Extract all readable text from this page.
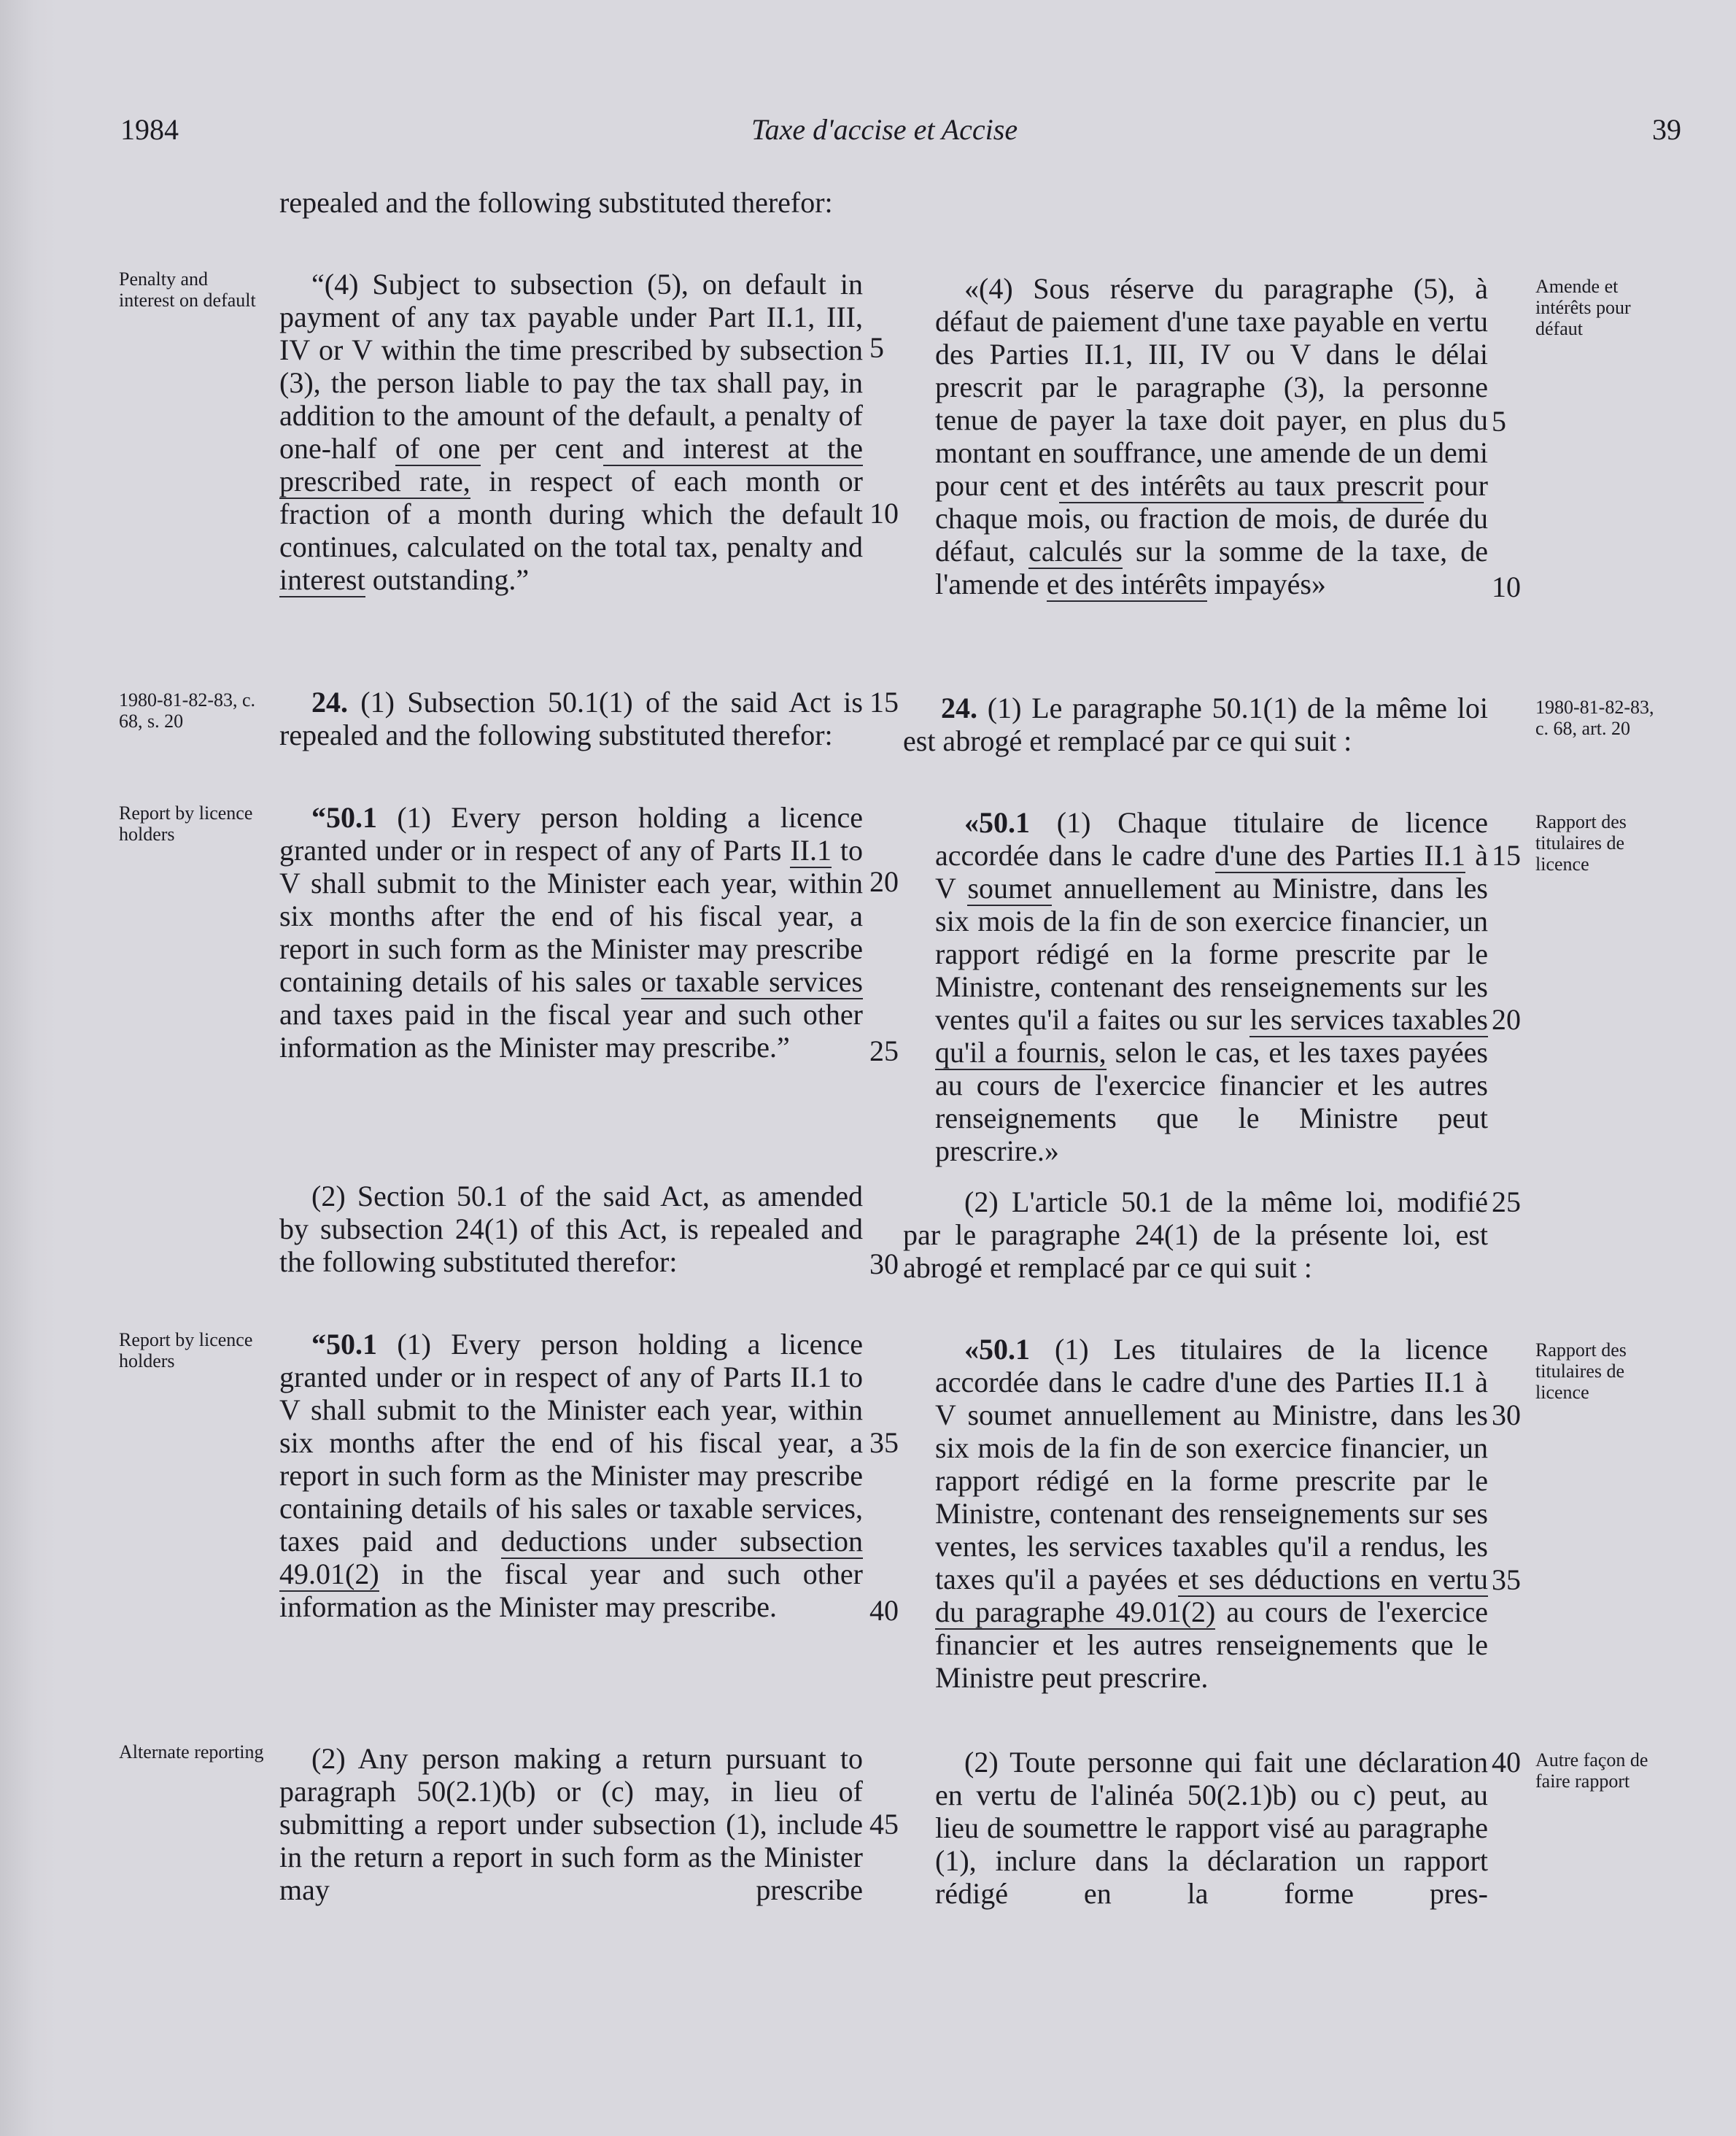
1984	Taxe d'accise et Accise	39
Penalty and interest on default
1980-81-82-83, c. 68, s. 20
Report by licence holders
Report by licence holders
Alternate reporting
Amende et intérêts pour défaut
1980-81-82-83, c. 68, art. 20
Rapport des titulaires de licence
Rapport des titulaires de licence
Autre façon de faire rapport

repealed and the following substituted therefor:

“(4) Subject to subsection (5), on default in payment of any tax payable under Part II.1, III, IV or V within the time prescribed by subsection (3), the person liable to pay the tax shall pay, in addition to the amount of the default, a penalty of one-half of one per cent and interest at the prescribed rate, in respect of each month or fraction of a month during which the default continues, calculated on the total tax, penalty and interest outstanding.”

24. (1) Subsection 50.1(1) of the said Act is repealed and the following substituted therefor:

“50.1 (1) Every person holding a licence granted under or in respect of any of Parts II.1 to V shall submit to the Minister each year, within six months after the end of his fiscal year, a report in such form as the Minister may prescribe containing details of his sales or taxable services and taxes paid in the fiscal year and such other information as the Minister may prescribe.”

(2) Section 50.1 of the said Act, as amended by subsection 24(1) of this Act, is repealed and the following substituted therefor:

“50.1 (1) Every person holding a licence granted under or in respect of any of Parts II.1 to V shall submit to the Minister each year, within six months after the end of his fiscal year, a report in such form as the Minister may prescribe containing details of his sales or taxable services, taxes paid and deductions under subsection 49.01(2) in the fiscal year and such other information as the Minister may prescribe.

(2) Any person making a return pursuant to paragraph 50(2.1)(b) or (c) may, in lieu of submitting a report under subsection (1), include in the return a report in such form as the Minister may prescribe

«(4) Sous réserve du paragraphe (5), à défaut de paiement d'une taxe payable en vertu des Parties II.1, III, IV ou V dans le délai prescrit par le paragraphe (3), la personne tenue de payer la taxe doit payer, en plus du montant en souffrance, une amende de un demi pour cent et des intérêts au taux prescrit pour chaque mois, ou fraction de mois, de durée du défaut, calculés sur la somme de la taxe, de l'amende et des intérêts impayés»

24. (1) Le paragraphe 50.1(1) de la même loi est abrogé et remplacé par ce qui suit :

«50.1 (1) Chaque titulaire de licence accordée dans le cadre d'une des Parties II.1 à V soumet annuellement au Ministre, dans les six mois de la fin de son exercice financier, un rapport rédigé en la forme prescrite par le Ministre, contenant des renseignements sur les ventes qu'il a faites ou sur les services taxables qu'il a fournis, selon le cas, et les taxes payées au cours de l'exercice financier et les autres renseignements que le Ministre peut prescrire.»

(2) L'article 50.1 de la même loi, modifié par le paragraphe 24(1) de la présente loi, est abrogé et remplacé par ce qui suit :

«50.1 (1) Les titulaires de la licence accordée dans le cadre d'une des Parties II.1 à V soumet annuellement au Ministre, dans les six mois de la fin de son exercice financier, un rapport rédigé en la forme prescrite par le Ministre, contenant des renseignements sur ses ventes, les services taxables qu'il a rendus, les taxes qu'il a payées et ses déductions en vertu du paragraphe 49.01(2) au cours de l'exercice financier et les autres renseignements que le Ministre peut prescrire.

(2) Toute personne qui fait une déclaration en vertu de l'alinéa 50(2.1)b) ou c) peut, au lieu de soumettre le rapport visé au paragraphe (1), inclure dans la déclaration un rapport rédigé en la forme pres-

5
10
15
20
25
30
35
40
45
5
10
15
20
25
30
35
40
